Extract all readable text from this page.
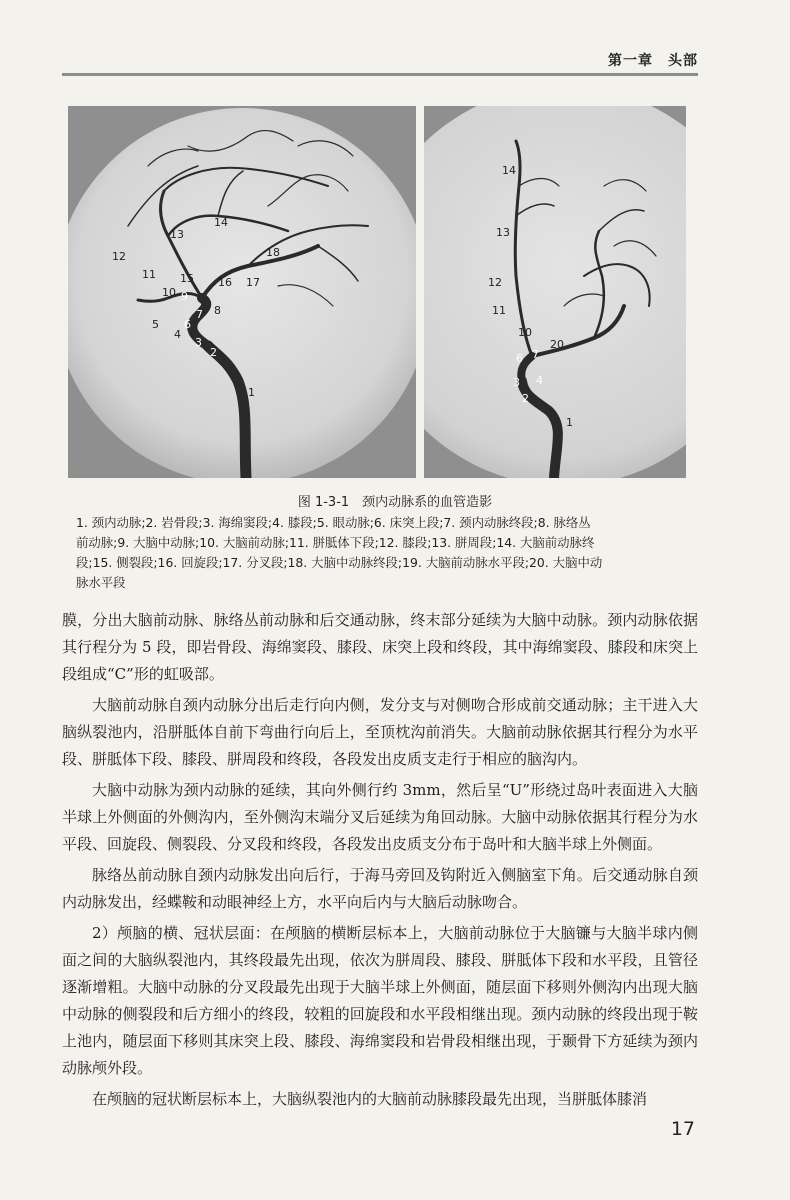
第一章　头部
1
2
3
4
5 6
7 8
9
10
11
12
13
14
15 16 17
18
1
2
3 4
6 7
10
11
12
13
14
20
图 1-3-1　颈内动脉系的血管造影
1. 颈内动脉;2. 岩骨段;3. 海绵窦段;4. 膝段;5. 眼动脉;6. 床突上段;7. 颈内动脉终段;8. 脉络丛
前动脉;9. 大脑中动脉;10. 大脑前动脉;11. 胼胝体下段;12. 膝段;13. 胼周段;14. 大脑前动脉终
段;15. 侧裂段;16. 回旋段;17. 分叉段;18. 大脑中动脉终段;19. 大脑前动脉水平段;20. 大脑中动
脉水平段

膜，分出大脑前动脉、脉络丛前动脉和后交通动脉，终末部分延续为大脑中动脉。颈内动脉依据其行程分为 5 段，即岩骨段、海绵窦段、膝段、床突上段和终段，其中海绵窦段、膝段和床突上段组成“C”形的虹吸部。

大脑前动脉自颈内动脉分出后走行向内侧，发分支与对侧吻合形成前交通动脉；主干进入大脑纵裂池内，沿胼胝体自前下弯曲行向后上，至顶枕沟前消失。大脑前动脉依据其行程分为水平段、胼胝体下段、膝段、胼周段和终段，各段发出皮质支走行于相应的脑沟内。

大脑中动脉为颈内动脉的延续，其向外侧行约 3mm，然后呈“U”形绕过岛叶表面进入大脑半球上外侧面的外侧沟内，至外侧沟末端分叉后延续为角回动脉。大脑中动脉依据其行程分为水平段、回旋段、侧裂段、分叉段和终段，各段发出皮质支分布于岛叶和大脑半球上外侧面。

脉络丛前动脉自颈内动脉发出向后行，于海马旁回及钩附近入侧脑室下角。后交通动脉自颈内动脉发出，经蝶鞍和动眼神经上方，水平向后内与大脑后动脉吻合。

2）颅脑的横、冠状层面：在颅脑的横断层标本上，大脑前动脉位于大脑镰与大脑半球内侧面之间的大脑纵裂池内，其终段最先出现，依次为胼周段、膝段、胼胝体下段和水平段，且管径逐渐增粗。大脑中动脉的分叉段最先出现于大脑半球上外侧面，随层面下移则外侧沟内出现大脑中动脉的侧裂段和后方细小的终段，较粗的回旋段和水平段相继出现。颈内动脉的终段出现于鞍上池内，随层面下移则其床突上段、膝段、海绵窦段和岩骨段相继出现，于颞骨下方延续为颈内动脉颅外段。

在颅脑的冠状断层标本上，大脑纵裂池内的大脑前动脉膝段最先出现，当胼胝体膝消

17
